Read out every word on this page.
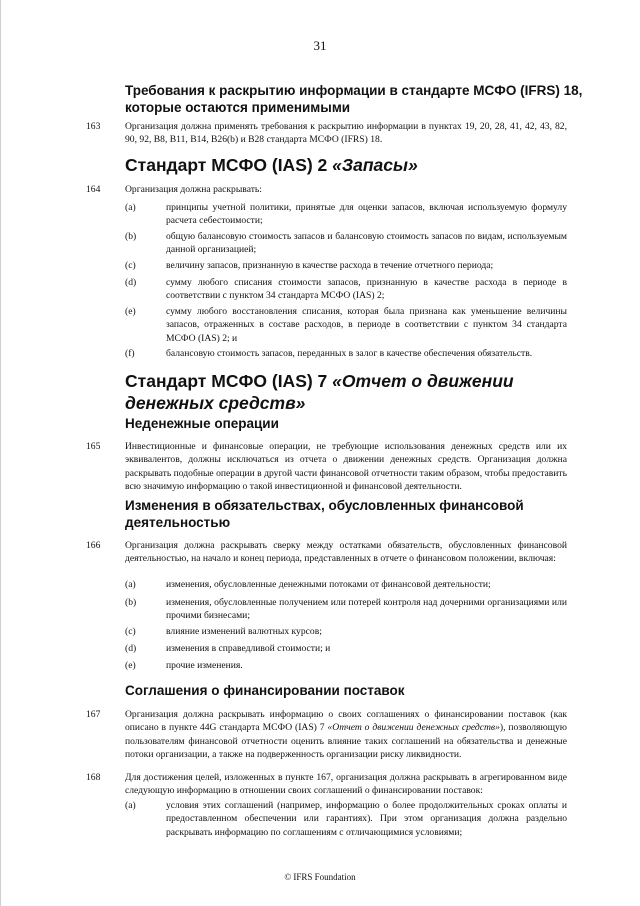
31
Требования к раскрытию информации в стандарте МСФО (IFRS) 18, которые остаются применимыми
163	Организация должна применять требования к раскрытию информации в пунктах 19, 20, 28, 41, 42, 43, 82, 90, 92, B8, B11, B14, B26(b) и B28 стандарта МСФО (IFRS) 18.
Стандарт МСФО (IAS) 2 «Запасы»
164	Организация должна раскрывать:
(a)	принципы учетной политики, принятые для оценки запасов, включая используемую формулу расчета себестоимости;
(b)	общую балансовую стоимость запасов и балансовую стоимость запасов по видам, используемым данной организацией;
(c)	величину запасов, признанную в качестве расхода в течение отчетного периода;
(d)	сумму любого списания стоимости запасов, признанную в качестве расхода в периоде в соответствии с пунктом 34 стандарта МСФО (IAS) 2;
(e)	сумму любого восстановления списания, которая была признана как уменьшение величины запасов, отраженных в составе расходов, в периоде в соответствии с пунктом 34 стандарта МСФО (IAS) 2; и
(f)	балансовую стоимость запасов, переданных в залог в качестве обеспечения обязательств.
Стандарт МСФО (IAS) 7 «Отчет о движении денежных средств»
Неденежные операции
165	Инвестиционные и финансовые операции, не требующие использования денежных средств или их эквивалентов, должны исключаться из отчета о движении денежных средств. Организация должна раскрывать подобные операции в другой части финансовой отчетности таким образом, чтобы предоставить всю значимую информацию о такой инвестиционной и финансовой деятельности.
Изменения в обязательствах, обусловленных финансовой деятельностью
166	Организация должна раскрывать сверку между остатками обязательств, обусловленных финансовой деятельностью, на начало и конец периода, представленных в отчете о финансовом положении, включая:
(a)	изменения, обусловленные денежными потоками от финансовой деятельности;
(b)	изменения, обусловленные получением или потерей контроля над дочерними организациями или прочими бизнесами;
(c)	влияние изменений валютных курсов;
(d)	изменения в справедливой стоимости; и
(e)	прочие изменения.
Соглашения о финансировании поставок
167	Организация должна раскрывать информацию о своих соглашениях о финансировании поставок (как описано в пункте 44G стандарта МСФО (IAS) 7 «Отчет о движении денежных средств»), позволяющую пользователям финансовой отчетности оценить влияние таких соглашений на обязательства и денежные потоки организации, а также на подверженность организации риску ликвидности.
168	Для достижения целей, изложенных в пункте 167, организация должна раскрывать в агрегированном виде следующую информацию в отношении своих соглашений о финансировании поставок:
(a)	условия этих соглашений (например, информацию о более продолжительных сроках оплаты и предоставленном обеспечении или гарантиях). При этом организация должна раздельно раскрывать информацию по соглашениям с отличающимися условиями;
© IFRS Foundation
